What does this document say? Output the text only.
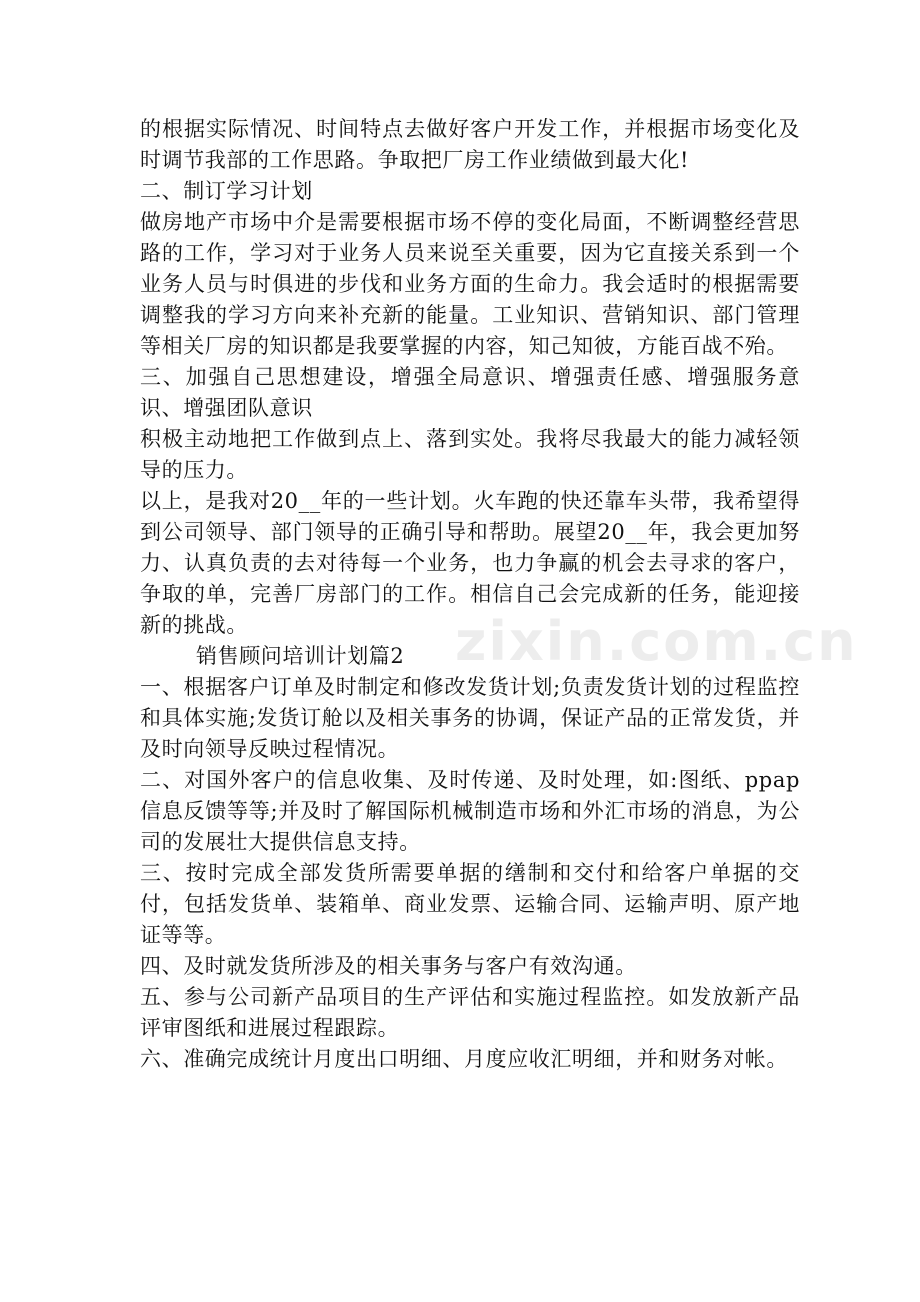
的根据实际情况、时间特点去做好客户开发工作，并根据市场变化及时调节我部的工作思路。争取把厂房工作业绩做到最大化!

二、制订学习计划

做房地产市场中介是需要根据市场不停的变化局面，不断调整经营思路的工作，学习对于业务人员来说至关重要，因为它直接关系到一个业务人员与时俱进的步伐和业务方面的生命力。我会适时的根据需要调整我的学习方向来补充新的能量。工业知识、营销知识、部门管理等相关厂房的知识都是我要掌握的内容，知己知彼，方能百战不殆。

三、加强自己思想建设，增强全局意识、增强责任感、增强服务意识、增强团队意识

积极主动地把工作做到点上、落到实处。我将尽我最大的能力减轻领导的压力。

以上，是我对20__年的一些计划。火车跑的快还靠车头带，我希望得到公司领导、部门领导的正确引导和帮助。展望20__年，我会更加努力、认真负责的去对待每一个业务，也力争赢的机会去寻求的客户，争取的单，完善厂房部门的工作。相信自己会完成新的任务，能迎接新的挑战。

销售顾问培训计划篇2

一、根据客户订单及时制定和修改发货计划;负责发货计划的过程监控和具体实施;发货订舱以及相关事务的协调，保证产品的正常发货，并及时向领导反映过程情况。

二、对国外客户的信息收集、及时传递、及时处理，如:图纸、ppap信息反馈等等;并及时了解国际机械制造市场和外汇市场的消息，为公司的发展壮大提供信息支持。

三、按时完成全部发货所需要单据的缮制和交付和给客户单据的交付，包括发货单、装箱单、商业发票、运输合同、运输声明、原产地证等等。

四、及时就发货所涉及的相关事务与客户有效沟通。

五、参与公司新产品项目的生产评估和实施过程监控。如发放新产品评审图纸和进展过程跟踪。

六、准确完成统计月度出口明细、月度应收汇明细，并和财务对帐。

zixin.com.cn
